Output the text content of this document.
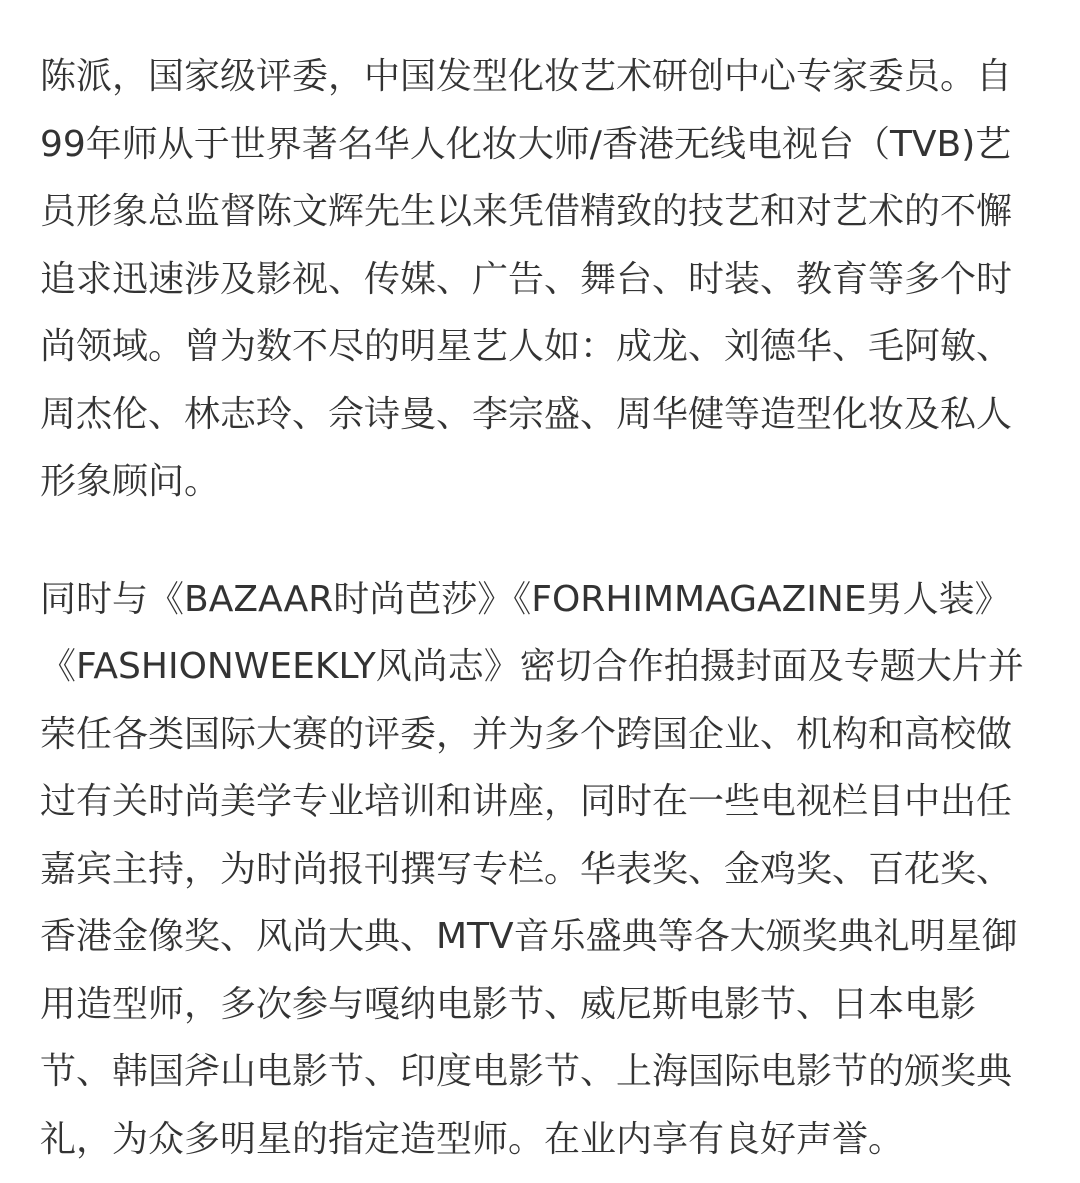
陈派，国家级评委，中国发型化妆艺术研创中心专家委员。自
99年师从于世界著名华人化妆大师/香港无线电视台（TVB)艺
员形象总监督陈文辉先生以来凭借精致的技艺和对艺术的不懈
追求迅速涉及影视、传媒、广告、舞台、时装、教育等多个时
尚领域。曾为数不尽的明星艺人如：成龙、刘德华、毛阿敏、
周杰伦、林志玲、佘诗曼、李宗盛、周华健等造型化妆及私人
形象顾问。

同时与《BAZAAR时尚芭莎》《FORHIMMAGAZINE男人装》
《FASHIONWEEKLY风尚志》密切合作拍摄封面及专题大片并
荣任各类国际大赛的评委，并为多个跨国企业、机构和高校做
过有关时尚美学专业培训和讲座，同时在一些电视栏目中出任
嘉宾主持，为时尚报刊撰写专栏。华表奖、金鸡奖、百花奖、
香港金像奖、风尚大典、MTV音乐盛典等各大颁奖典礼明星御
用造型师，多次参与嘎纳电影节、威尼斯电影节、日本电影
节、韩国斧山电影节、印度电影节、上海国际电影节的颁奖典
礼，为众多明星的指定造型师。在业内享有良好声誉。
